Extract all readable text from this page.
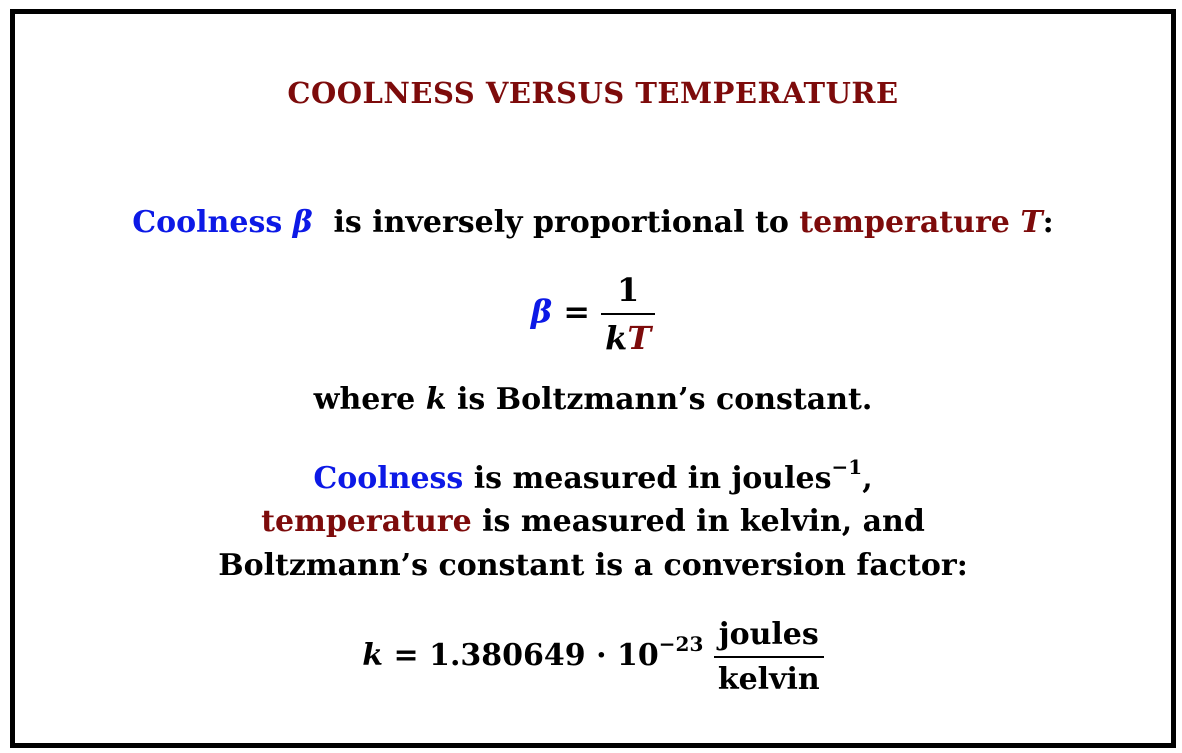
COOLNESS VERSUS TEMPERATURE
Coolness β is inversely proportional to temperature T:
$\beta = \frac{1}{kT}$
where k is Boltzmann’s constant.
Coolness is measured in joules$^{-1}$,
temperature is measured in kelvin, and
Boltzmann’s constant is a conversion factor:
$k = 1.380649 \cdot 10^{-23} \frac{\text{joules}}{\text{kelvin}}$
